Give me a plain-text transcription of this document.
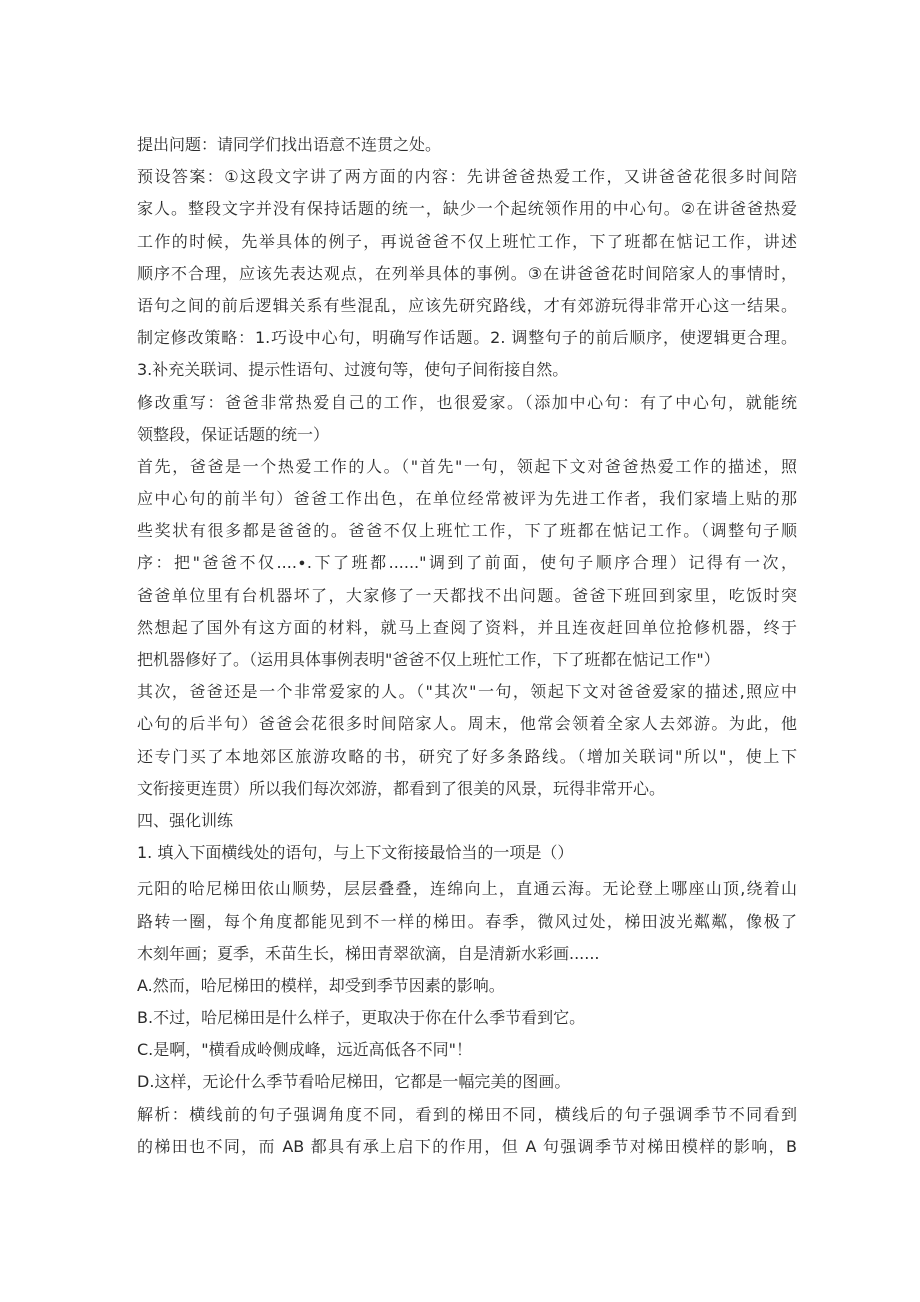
提出问题：请同学们找出语意不连贯之处。
预设答案：①这段文字讲了两方面的内容：先讲爸爸热爱工作，又讲爸爸花很多时间陪
家人。整段文字并没有保持话题的统一，缺少一个起统领作用的中心句。②在讲爸爸热爱
工作的时候，先举具体的例子，再说爸爸不仅上班忙工作，下了班都在惦记工作，讲述
顺序不合理，应该先表达观点，在列举具体的事例。③在讲爸爸花时间陪家人的事情时，
语句之间的前后逻辑关系有些混乱，应该先研究路线，才有郊游玩得非常开心这一结果。
制定修改策略：1.巧设中心句，明确写作话题。2. 调整句子的前后顺序，使逻辑更合理。
3.补充关联词、提示性语句、过渡句等，使句子间衔接自然。
修改重写：爸爸非常热爱自己的工作，也很爱家。（添加中心句：有了中心句，就能统
领整段，保证话题的统一）
首先，爸爸是一个热爱工作的人。（"首先"一句，领起下文对爸爸热爱工作的描述，照
应中心句的前半句）爸爸工作出色，在单位经常被评为先进工作者，我们家墙上贴的那
些奖状有很多都是爸爸的。爸爸不仅上班忙工作，下了班都在惦记工作。（调整句子顺
序：把"爸爸不仅....∙.下了班都......"调到了前面，使句子顺序合理）记得有一次，
爸爸单位里有台机器坏了，大家修了一天都找不出问题。爸爸下班回到家里，吃饭时突
然想起了国外有这方面的材料，就马上查阅了资料，并且连夜赶回单位抢修机器，终于
把机器修好了。（运用具体事例表明"爸爸不仅上班忙工作，下了班都在惦记工作"）
其次，爸爸还是一个非常爱家的人。（"其次"一句，领起下文对爸爸爱家的描述,照应中
心句的后半句）爸爸会花很多时间陪家人。周末，他常会领着全家人去郊游。为此，他
还专门买了本地郊区旅游攻略的书，研究了好多条路线。（增加关联词"所以"，使上下
文衔接更连贯）所以我们每次郊游，都看到了很美的风景，玩得非常开心。
四、强化训练
1. 填入下面横线处的语句，与上下文衔接最恰当的一项是（）
元阳的哈尼梯田依山顺势，层层叠叠，连绵向上，直通云海。无论登上哪座山顶,绕着山
路转一圈，每个角度都能见到不一样的梯田。春季，微风过处，梯田波光粼粼，像极了
木刻年画；夏季，禾苗生长，梯田青翠欲滴，自是清新水彩画......
A.然而，哈尼梯田的模样，却受到季节因素的影响。
B.不过，哈尼梯田是什么样子，更取决于你在什么季节看到它。
C.是啊，"横看成岭侧成峰，远近高低各不同"！
D.这样，无论什么季节看哈尼梯田，它都是一幅完美的图画。
解析：横线前的句子强调角度不同，看到的梯田不同，横线后的句子强调季节不同看到
的梯田也不同，而 AB 都具有承上启下的作用，但 A 句强调季节对梯田模样的影响，B
